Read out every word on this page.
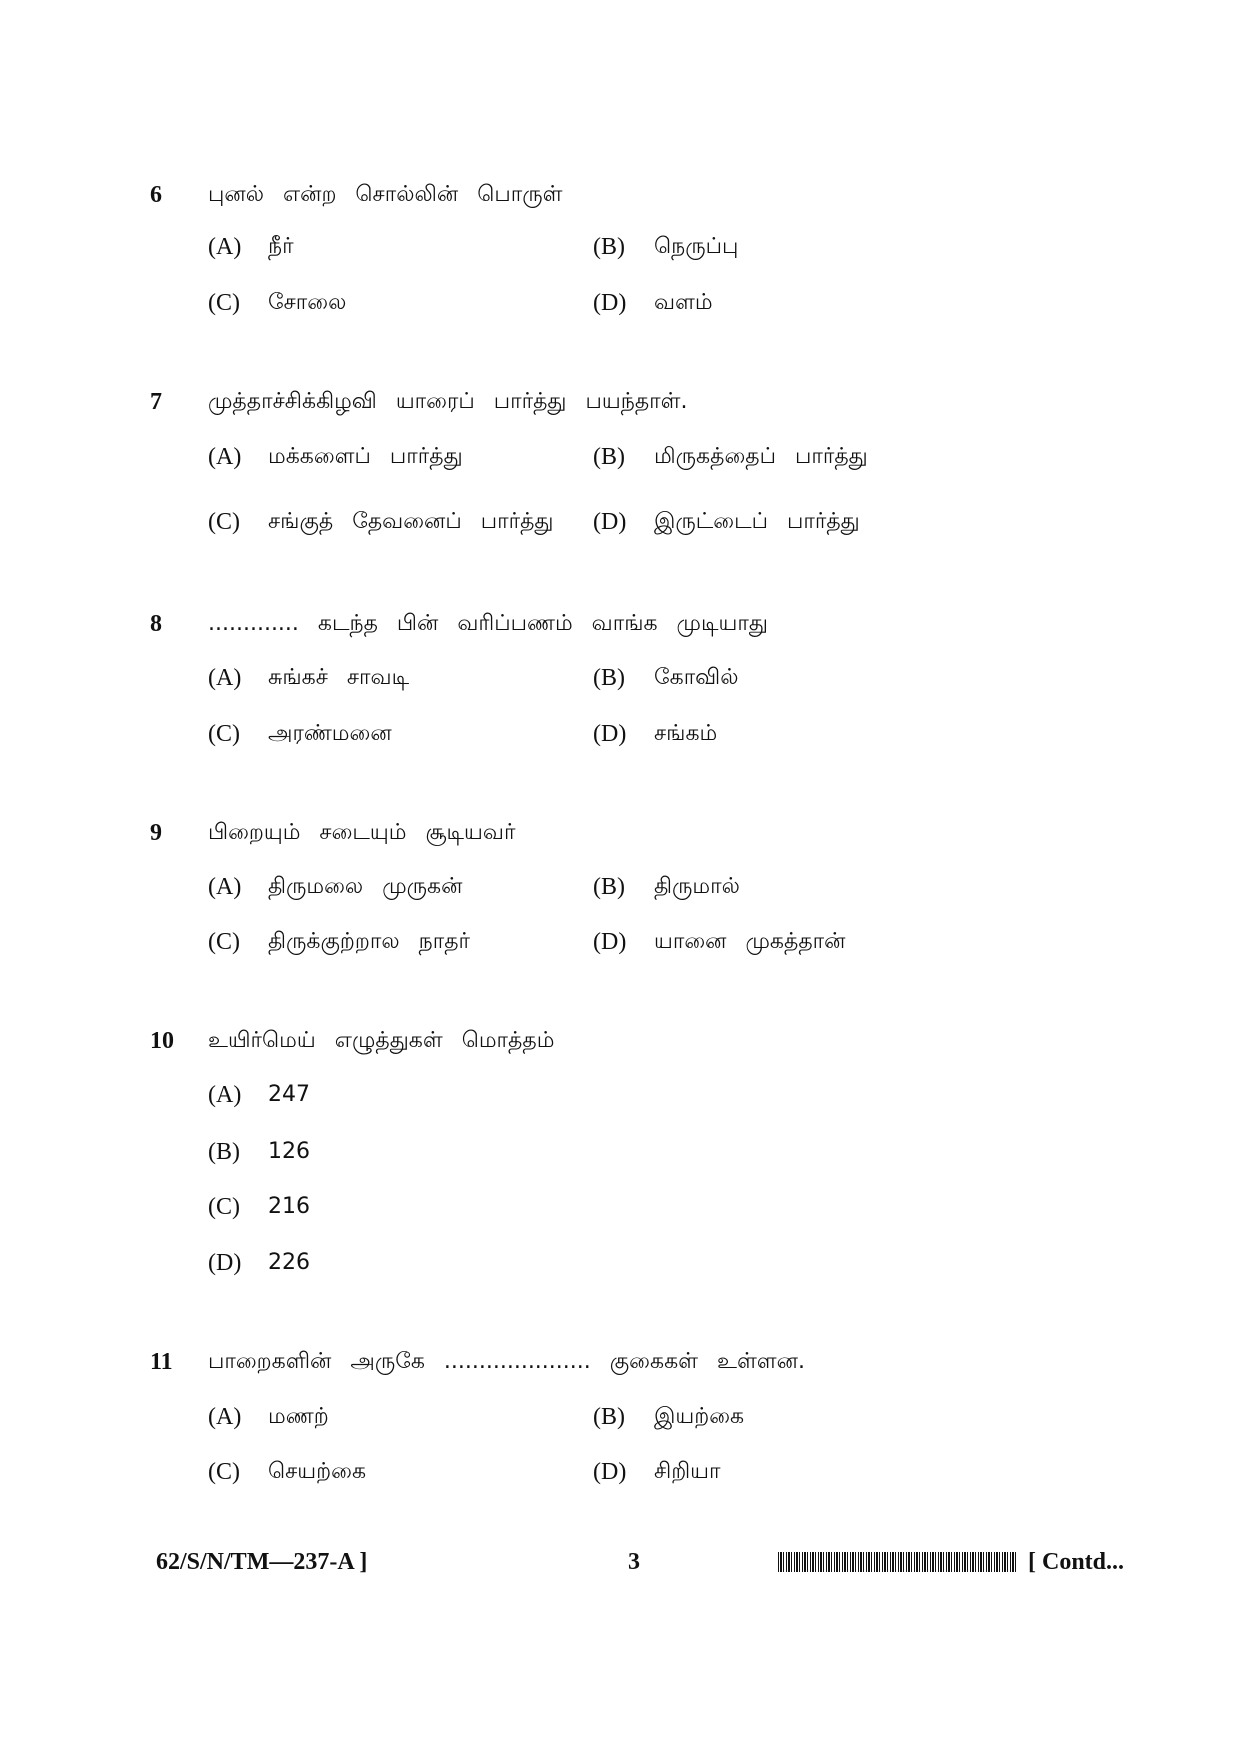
6 புனல் என்ற சொல்லின் பொருள்
(A) நீர்	(B) நெருப்பு
(C) சோலை	(D) வளம்
7 முத்தாச்சிக்கிழவி யாரைப் பார்த்து பயந்தாள்.
(A) மக்களைப் பார்த்து	(B) மிருகத்தைப் பார்த்து
(C) சங்குத் தேவனைப் பார்த்து (D) இருட்டைப் பார்த்து
8 ............. கடந்த பின் வரிப்பணம் வாங்க முடியாது
(A) சுங்கச் சாவடி	(B) கோவில்
(C) அரண்மனை	(D) சங்கம்
9 பிறையும் சடையும் சூடியவர்
(A) திருமலை முருகன்	(B) திருமால்
(C) திருக்குற்றால நாதர்	(D) யானை முகத்தான்
10 உயிர்மெய் எழுத்துகள் மொத்தம்
(A) 247
(B) 126
(C) 216
(D) 226
11 பாறைகளின் அருகே ..................... குகைகள் உள்ளன.
(A) மணற்	(B) இயற்கை
(C) செயற்கை	(D) சிறியா
62/S/N/TM—237-A ]	3	[ Contd...
